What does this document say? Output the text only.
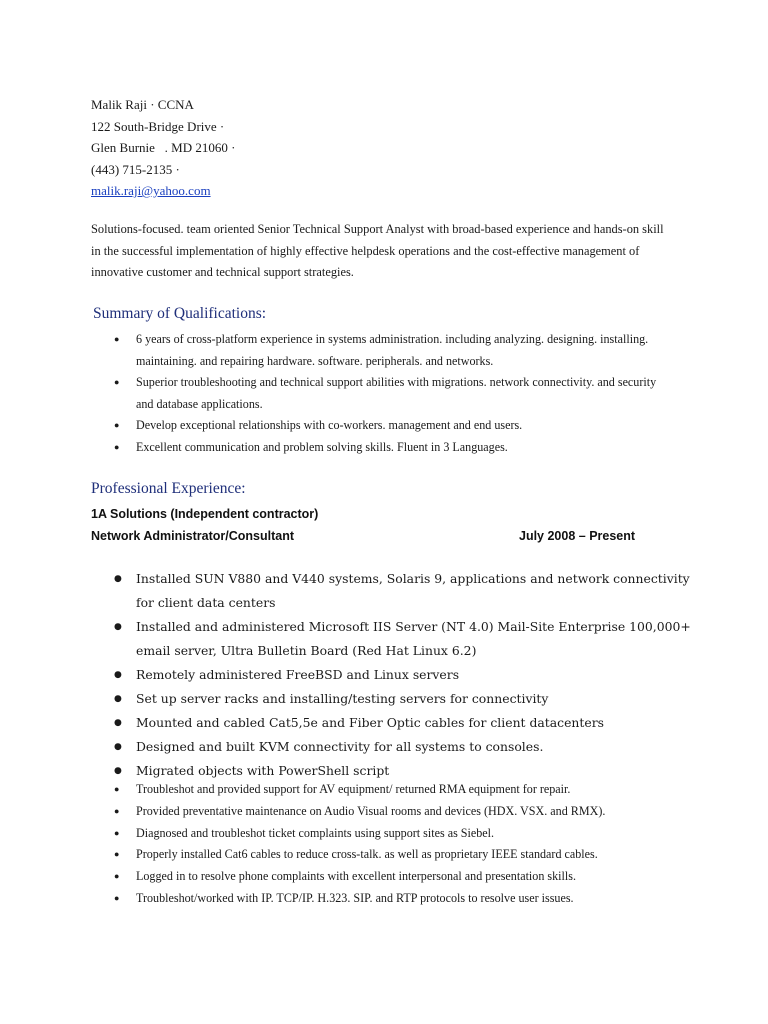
Malik Raji · CCNA
122 South-Bridge Drive ·
Glen Burnie   . MD 21060 ·
(443) 715-2135 ·
malik.raji@yahoo.com
Solutions-focused. team oriented Senior Technical Support Analyst with broad-based experience and hands-on skill in the successful implementation of highly effective helpdesk operations and the cost-effective management of innovative customer and technical support strategies.
Summary of Qualifications:
● 6 years of cross-platform experience in systems administration. including analyzing. designing. installing. maintaining. and repairing hardware. software. peripherals. and networks.
● Superior troubleshooting and technical support abilities with migrations. network connectivity. and security and database applications.
● Develop exceptional relationships with co-workers. management and end users.
● Excellent communication and problem solving skills. Fluent in 3 Languages.
Professional Experience:
1A Solutions (Independent contractor)
Network Administrator/Consultant	July 2008 – Present
● Installed SUN V880 and V440 systems, Solaris 9, applications and network connectivity for client data centers
● Installed and administered Microsoft IIS Server (NT 4.0) Mail-Site Enterprise 100,000+ email server, Ultra Bulletin Board (Red Hat Linux 6.2)
● Remotely administered FreeBSD and Linux servers
● Set up server racks and installing/testing servers for connectivity
● Mounted and cabled Cat5,5e and Fiber Optic cables for client datacenters
● Designed and built KVM connectivity for all systems to consoles.
● Migrated objects with PowerShell script
● Troubleshot and provided support for AV equipment/ returned RMA equipment for repair.
● Provided preventative maintenance on Audio Visual rooms and devices (HDX. VSX. and RMX).
● Diagnosed and troubleshot ticket complaints using support sites as Siebel.
● Properly installed Cat6 cables to reduce cross-talk. as well as proprietary IEEE standard cables.
● Logged in to resolve phone complaints with excellent interpersonal and presentation skills.
● Troubleshot/worked with IP. TCP/IP. H.323. SIP. and RTP protocols to resolve user issues.
